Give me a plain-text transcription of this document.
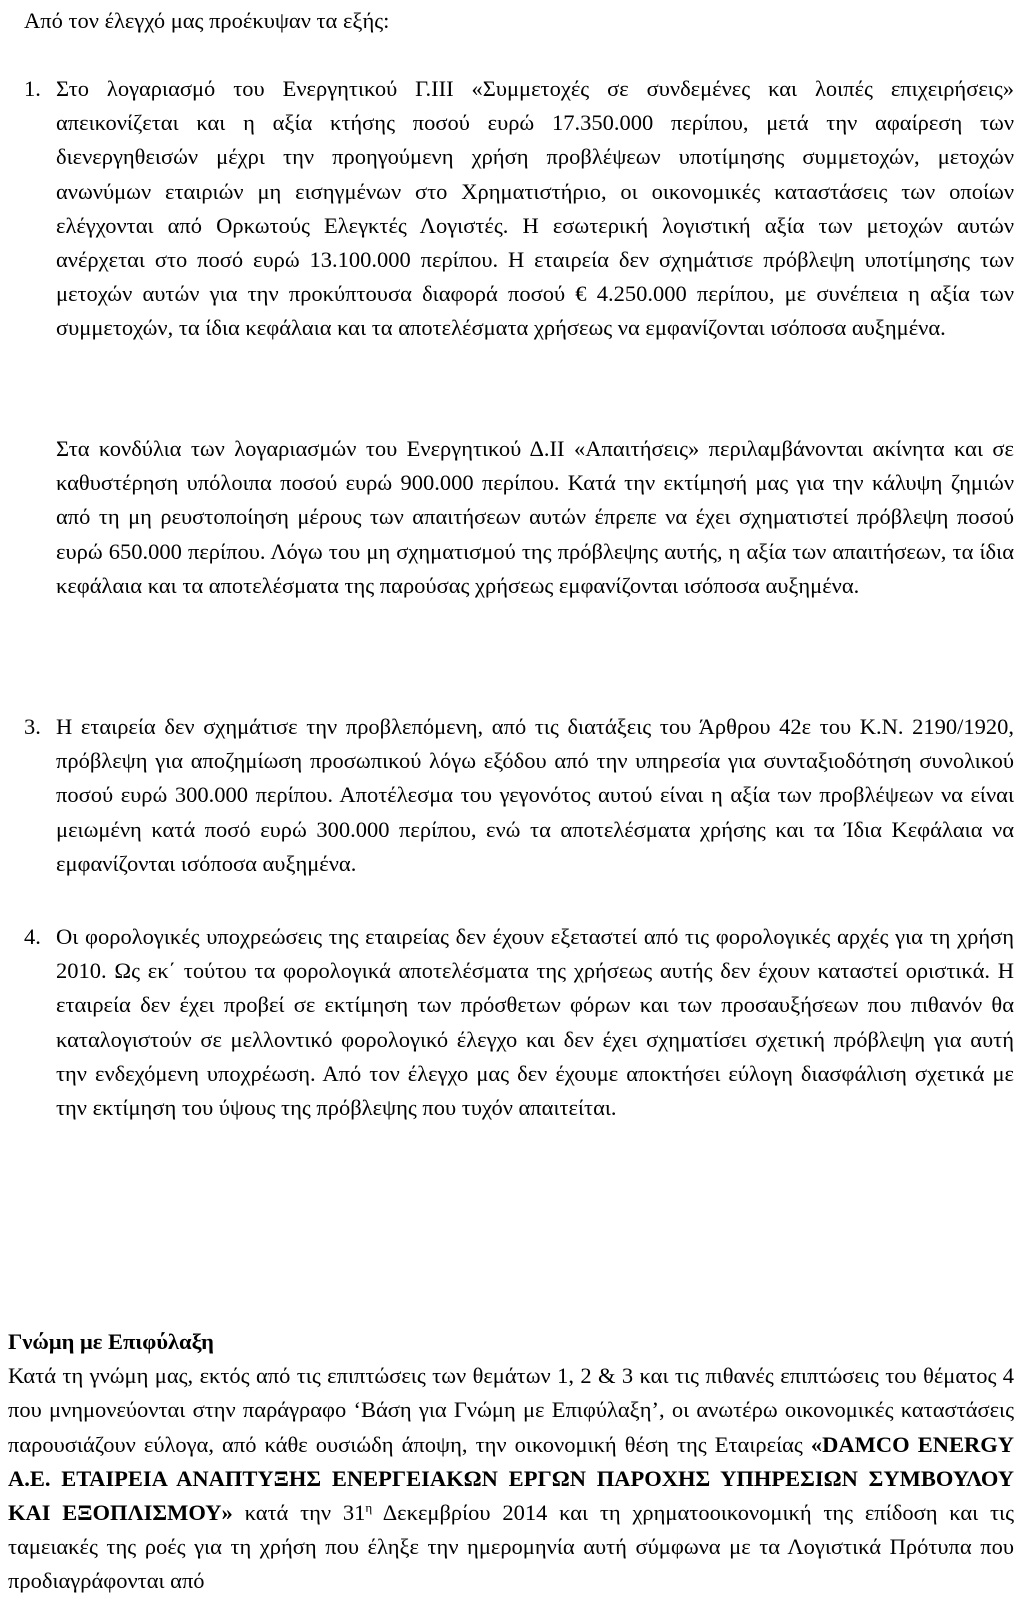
Από τον έλεγχό μας προέκυψαν τα εξής:
1. Στο λογαριασμό του Ενεργητικού Γ.ΙΙΙ «Συμμετοχές σε συνδεμένες και λοιπές επιχειρήσεις» απεικονίζεται και η αξία κτήσης ποσού ευρώ 17.350.000 περίπου, μετά την αφαίρεση των διενεργηθεισών μέχρι την προηγούμενη χρήση προβλέψεων υποτίμησης συμμετοχών, μετοχών ανωνύμων εταιριών μη εισηγμένων στο Χρηματιστήριο, οι οικονομικές καταστάσεις των οποίων ελέγχονται από Ορκωτούς Ελεγκτές Λογιστές. Η εσωτερική λογιστική αξία των μετοχών αυτών ανέρχεται στο ποσό ευρώ 13.100.000 περίπου. Η εταιρεία δεν σχημάτισε πρόβλεψη υποτίμησης των μετοχών αυτών για την προκύπτουσα διαφορά ποσού € 4.250.000 περίπου, με συνέπεια η αξία των συμμετοχών, τα ίδια κεφάλαια και τα αποτελέσματα χρήσεως να εμφανίζονται ισόποσα αυξημένα.
Στα κονδύλια των λογαριασμών του Ενεργητικού Δ.ΙΙ «Απαιτήσεις» περιλαμβάνονται ακίνητα και σε καθυστέρηση υπόλοιπα ποσού ευρώ 900.000 περίπου. Κατά την εκτίμησή μας για την κάλυψη ζημιών από τη μη ρευστοποίηση μέρους των απαιτήσεων αυτών έπρεπε να έχει σχηματιστεί πρόβλεψη ποσού ευρώ 650.000 περίπου. Λόγω του μη σχηματισμού της πρόβλεψης αυτής, η αξία των απαιτήσεων, τα ίδια κεφάλαια και τα αποτελέσματα της παρούσας χρήσεως εμφανίζονται ισόποσα αυξημένα.
3. Η εταιρεία δεν σχημάτισε την προβλεπόμενη, από τις διατάξεις του Άρθρου 42ε του Κ.Ν. 2190/1920, πρόβλεψη για αποζημίωση προσωπικού λόγω εξόδου από την υπηρεσία για συνταξιοδότηση συνολικού ποσού ευρώ 300.000 περίπου. Αποτέλεσμα του γεγονότος αυτού είναι η αξία των προβλέψεων να είναι μειωμένη κατά ποσό ευρώ 300.000 περίπου, ενώ τα αποτελέσματα χρήσης και τα Ίδια Κεφάλαια να εμφανίζονται ισόποσα αυξημένα.
4. Οι φορολογικές υποχρεώσεις της εταιρείας δεν έχουν εξεταστεί από τις φορολογικές αρχές για τη χρήση 2010. Ως εκ΄ τούτου τα φορολογικά αποτελέσματα της χρήσεως αυτής δεν έχουν καταστεί οριστικά. Η εταιρεία δεν έχει προβεί σε εκτίμηση των πρόσθετων φόρων και των προσαυξήσεων που πιθανόν θα καταλογιστούν σε μελλοντικό φορολογικό έλεγχο και δεν έχει σχηματίσει σχετική πρόβλεψη για αυτή την ενδεχόμενη υποχρέωση. Από τον έλεγχο μας δεν έχουμε αποκτήσει εύλογη διασφάλιση σχετικά με την εκτίμηση του ύψους της πρόβλεψης που τυχόν απαιτείται.
Γνώμη με Επιφύλαξη
Κατά τη γνώμη μας, εκτός από τις επιπτώσεις των θεμάτων 1, 2 & 3 και τις πιθανές επιπτώσεις του θέματος 4 που μνημονεύονται στην παράγραφο ‘Βάση για Γνώμη με Επιφύλαξη’, οι ανωτέρω οικονομικές καταστάσεις παρουσιάζουν εύλογα, από κάθε ουσιώδη άποψη, την οικονομική θέση της Εταιρείας «DAMCO ENERGY A.E. ΕΤΑΙΡΕΙΑ ΑΝΑΠΤΥΞΗΣ ΕΝΕΡΓΕΙΑΚΩΝ ΕΡΓΩΝ ΠΑΡΟΧΗΣ ΥΠΗΡΕΣΙΩΝ ΣΥΜΒΟΥΛΟΥ ΚΑΙ ΕΞΟΠΛΙΣΜΟΥ» κατά την $31^\eta$ Δεκεμβρίου 2014 και τη χρηματοοικονομική της επίδοση και τις ταμειακές της ροές για τη χρήση που έληξε την ημερομηνία αυτή σύμφωνα με τα Λογιστικά Πρότυπα που προδιαγράφονται από
